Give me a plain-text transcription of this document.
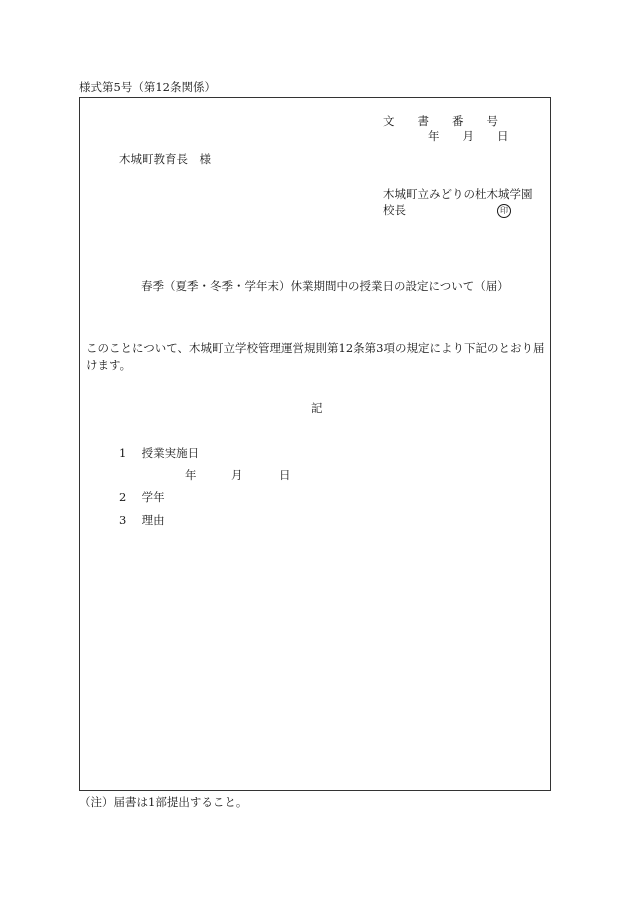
様式第5号（第12条関係）
文　　書　　番　　号
年　　月　　日
木城町教育長　様
木城町立みどりの杜木城学園
校長	印
春季（夏季・冬季・学年末）休業期間中の授業日の設定について（届）
このことについて、木城町立学校管理運営規則第12条第3項の規定により下記のとおり届けます。
記
1 授業実施日
年	月	日
2 学年
3 理由
（注）届書は1部提出すること。
